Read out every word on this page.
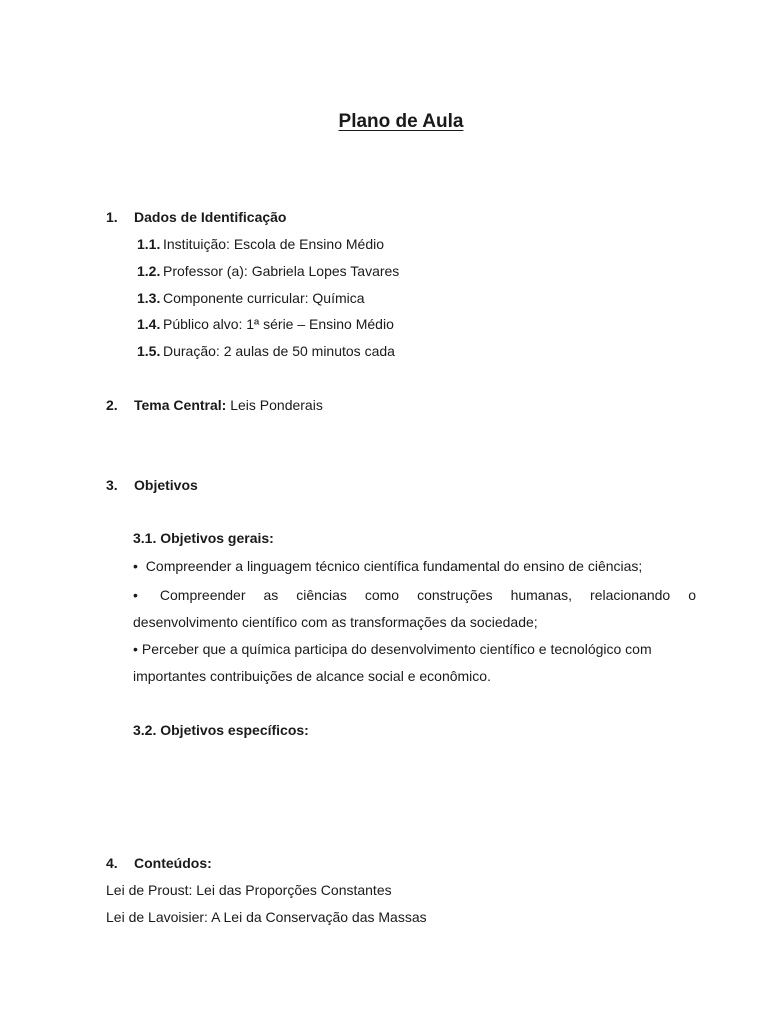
Plano de Aula
1. Dados de Identificação
1.1. Instituição: Escola de Ensino Médio
1.2. Professor (a): Gabriela Lopes Tavares
1.3. Componente curricular: Química
1.4. Público alvo: 1ª série – Ensino Médio
1.5. Duração: 2 aulas de 50 minutos cada
2. Tema Central: Leis Ponderais
3. Objetivos
3.1. Objetivos gerais:
• Compreender a linguagem técnico científica fundamental do ensino de ciências;
• Compreender as ciências como construções humanas, relacionando o
desenvolvimento científico com as transformações da sociedade;
• Perceber que a química participa do desenvolvimento científico e tecnológico com
importantes contribuições de alcance social e econômico.
3.2. Objetivos específicos:
4. Conteúdos:
Lei de Proust: Lei das Proporções Constantes
Lei de Lavoisier: A Lei da Conservação das Massas
